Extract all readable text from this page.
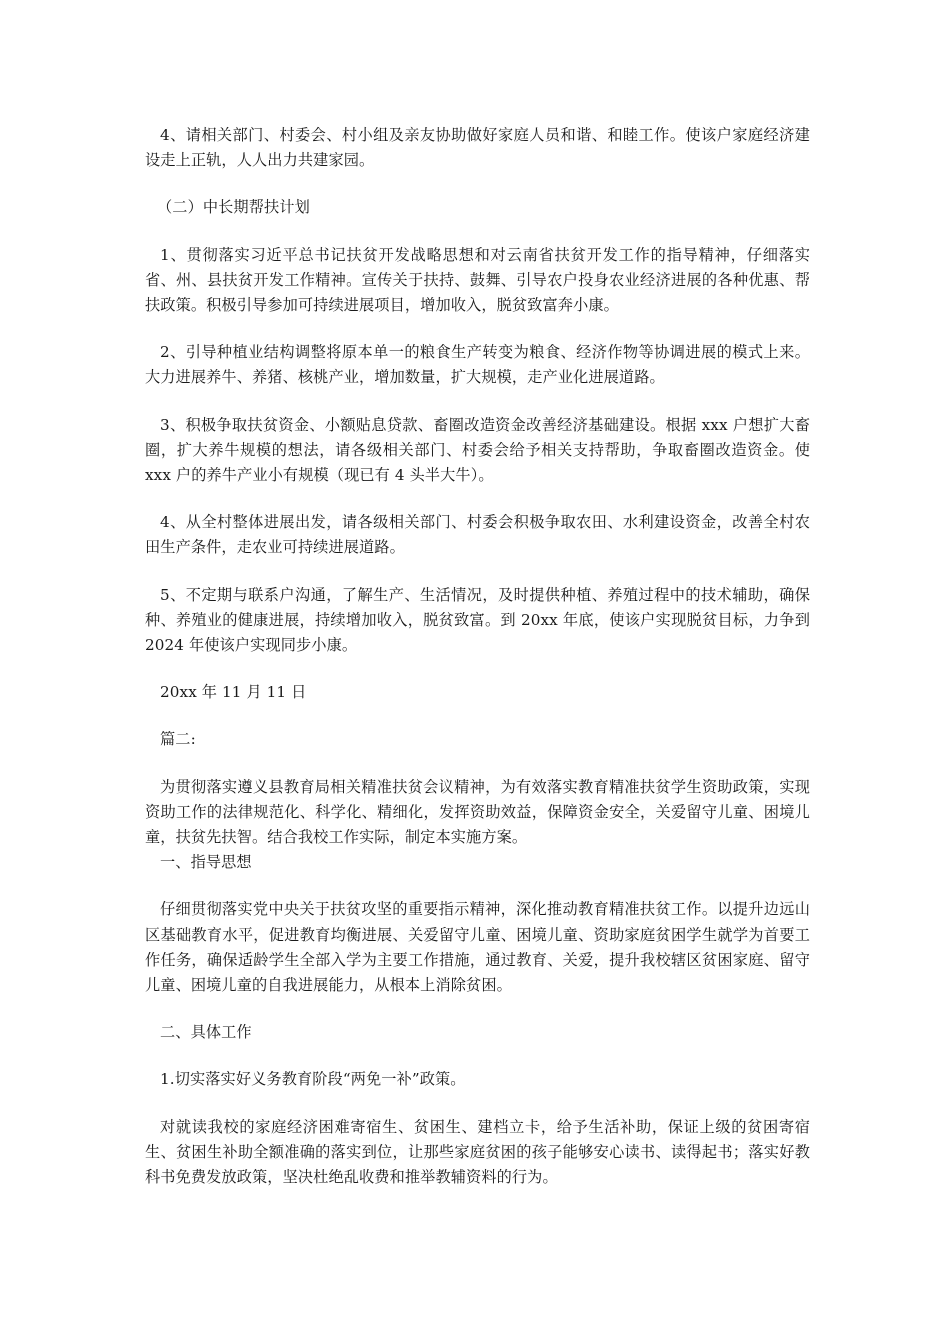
4、请相关部门、村委会、村小组及亲友协助做好家庭人员和谐、和睦工作。使该户家庭经济建设走上正轨，人人出力共建家园。

（二）中长期帮扶计划

1、贯彻落实习近平总书记扶贫开发战略思想和对云南省扶贫开发工作的指导精神，仔细落实省、州、县扶贫开发工作精神。宣传关于扶持、鼓舞、引导农户投身农业经济进展的各种优惠、帮扶政策。积极引导参加可持续进展项目，增加收入，脱贫致富奔小康。

2、引导种植业结构调整将原本单一的粮食生产转变为粮食、经济作物等协调进展的模式上来。大力进展养牛、养猪、核桃产业，增加数量，扩大规模，走产业化进展道路。

3、积极争取扶贫资金、小额贴息贷款、畜圈改造资金改善经济基础建设。根据 xxx 户想扩大畜圈，扩大养牛规模的想法，请各级相关部门、村委会给予相关支持帮助，争取畜圈改造资金。使 xxx 户的养牛产业小有规模（现已有 4 头半大牛）。

4、从全村整体进展出发，请各级相关部门、村委会积极争取农田、水利建设资金，改善全村农田生产条件，走农业可持续进展道路。

5、不定期与联系户沟通，了解生产、生活情况，及时提供种植、养殖过程中的技术辅助，确保种、养殖业的健康进展，持续增加收入，脱贫致富。到 20xx 年底，使该户实现脱贫目标，力争到 2024 年使该户实现同步小康。

20xx 年 11 月 11 日

篇二:

为贯彻落实遵义县教育局相关精准扶贫会议精神，为有效落实教育精准扶贫学生资助政策，实现资助工作的法律规范化、科学化、精细化，发挥资助效益，保障资金安全，关爱留守儿童、困境儿童，扶贫先扶智。结合我校工作实际，制定本实施方案。

一、指导思想

仔细贯彻落实党中央关于扶贫攻坚的重要指示精神，深化推动教育精准扶贫工作。以提升边远山区基础教育水平，促进教育均衡进展、关爱留守儿童、困境儿童、资助家庭贫困学生就学为首要工作任务，确保适龄学生全部入学为主要工作措施，通过教育、关爱，提升我校辖区贫困家庭、留守儿童、困境儿童的自我进展能力，从根本上消除贫困。

二、具体工作

1.切实落实好义务教育阶段“两免一补”政策。

对就读我校的家庭经济困难寄宿生、贫困生、建档立卡，给予生活补助，保证上级的贫困寄宿生、贫困生补助全额准确的落实到位，让那些家庭贫困的孩子能够安心读书、读得起书；落实好教科书免费发放政策，坚决杜绝乱收费和推举教辅资料的行为。
